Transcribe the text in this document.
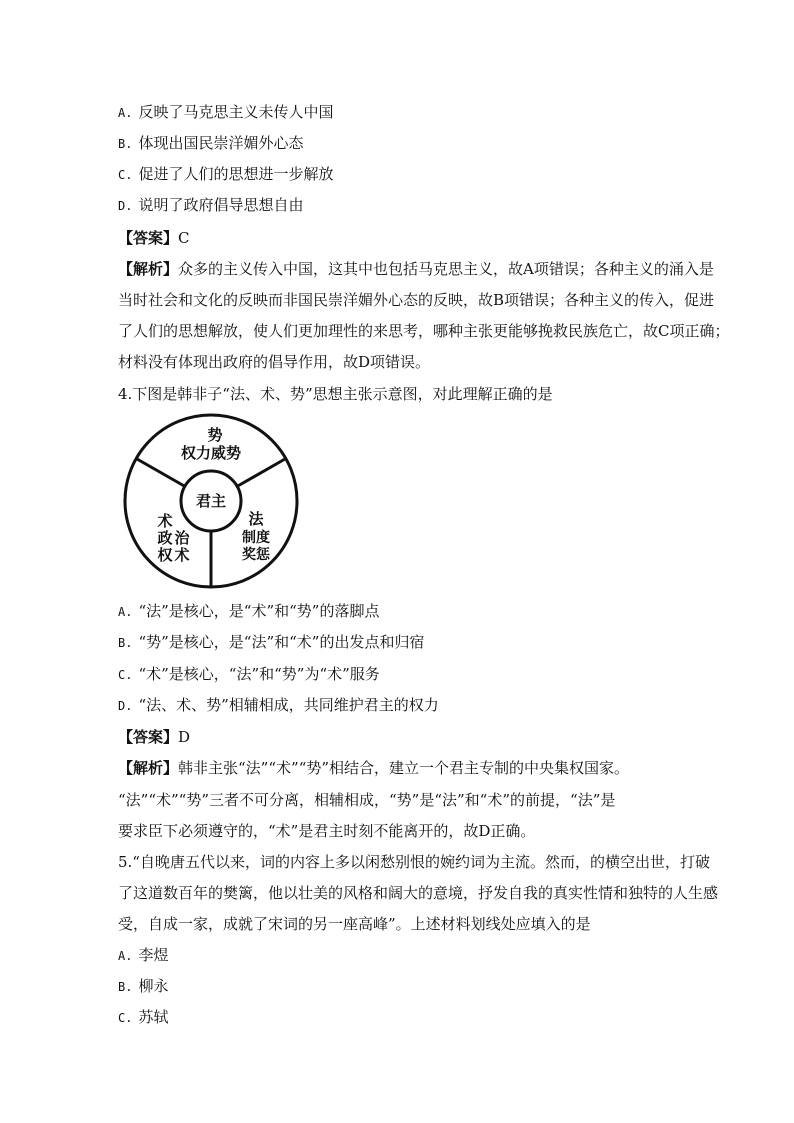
A. 反映了马克思主义未传人中国
B. 体现出国民崇洋媚外心态
C. 促进了人们的思想进一步解放
D. 说明了政府倡导思想自由
【答案】C
【解析】众多的主义传入中国，这其中也包括马克思主义，故A项错误；各种主义的涌入是
当时社会和文化的反映而非国民崇洋媚外心态的反映，故B项错误；各种主义的传入，促进
了人们的思想解放，使人们更加理性的来思考，哪种主张更能够挽救民族危亡，故C项正确；
材料没有体现出政府的倡导作用，故D项错误。
4.下图是韩非子“法、术、势”思想主张示意图，对此理解正确的是
君主
势
权力威势
术
政
权
治
术
法
制度
奖惩
A. “法”是核心，是“术”和“势”的落脚点
B. “势”是核心，是“法”和“术”的出发点和归宿
C. “术”是核心，“法”和“势”为“术”服务
D. “法、术、势”相辅相成，共同维护君主的权力
【答案】D
【解析】韩非主张“法”“术”“势”相结合，建立一个君主专制的中央集权国家。
“法”“术”“势”三者不可分离，相辅相成，“势”是“法”和“术”的前提，“法”是
要求臣下必须遵守的，“术”是君主时刻不能离开的，故D正确。
5.“自晚唐五代以来，词的内容上多以闲愁别恨的婉约词为主流。然而，的横空出世，打破
了这道数百年的樊篱，他以壮美的风格和阔大的意境，抒发自我的真实性情和独特的人生感
受，自成一家，成就了宋词的另一座高峰”。上述材料划线处应填入的是
A. 李煜
B. 柳永
C. 苏轼
